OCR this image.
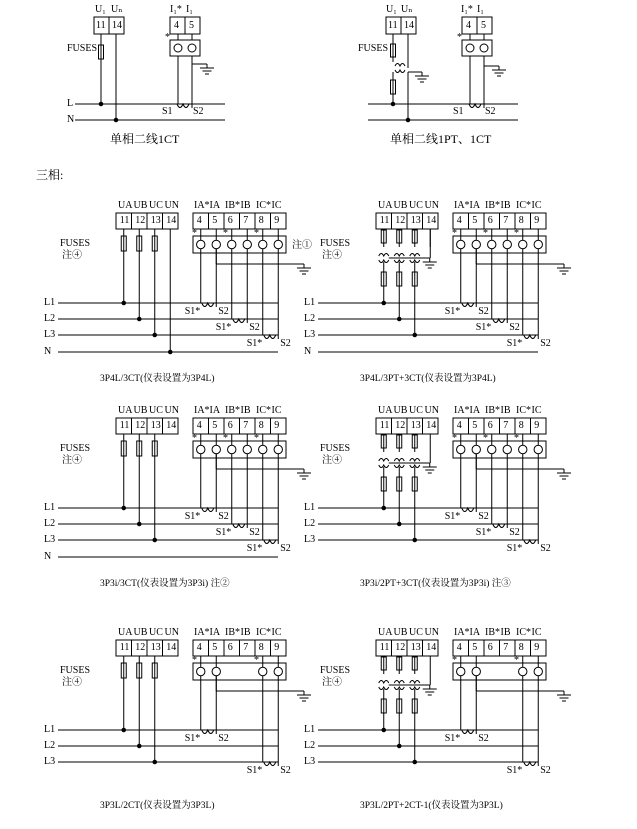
U₁ Uₙ	I₁* I₁
11 14	4 5
*
FUSES
L
N
S1 S2
单相二线1CT
U₁ Uₙ	I₁* I₁
11 14	4 5
*
FUSES
S1 S2
单相二线1PT、1CT
三相:
UA UB UC UN
11 12 13 14
IA* IA IB* IB IC* IC
4 5 6 7 8 9
*	*	*
FUSES
注④
注①
L1
L2
L3
N
S1* S2
S1* S2
S1* S2
3P4L/3CT(仪表设置为3P4L)
UA UB UC UN
11 12 13 14
IA* IA IB* IB IC* IC
4 5 6 7 8 9
*	*	*
FUSES
注④
L1
L2
L3
N
S1* S2
S1* S2
S1* S2
3P4L/3PT+3CT(仪表设置为3P4L)
UA UB UC UN
11 12 13 14
IA* IA IB* IB IC* IC
4 5 6 7 8 9
*	*	*
FUSES
注④
L1
L2
L3
N
S1* S2
S1* S2
S1* S2
3P3i/3CT(仪表设置为3P3i) 注②
UA UB UC UN
11 12 13 14
IA* IA IB* IB IC* IC
4 5 6 7 8 9
*	*	*
FUSES
注④
L1
L2
L3
S1* S2
S1* S2
S1* S2
3P3i/2PT+3CT(仪表设置为3P3i) 注③
UA UB UC UN
11 12 13 14
IA* IA IB* IB IC* IC
4 5 6 7 8 9
*	*
FUSES
注④
L1
L2
L3
S1* S2
S1* S2
3P3L/2CT(仪表设置为3P3L)
UA UB UC UN
11 12 13 14
IA* IA IB* IB IC* IC
4 5 6 7 8 9
*	*
FUSES
注④
L1
L2
L3
S1* S2
S1* S2
3P3L/2PT+2CT-1(仪表设置为3P3L)
